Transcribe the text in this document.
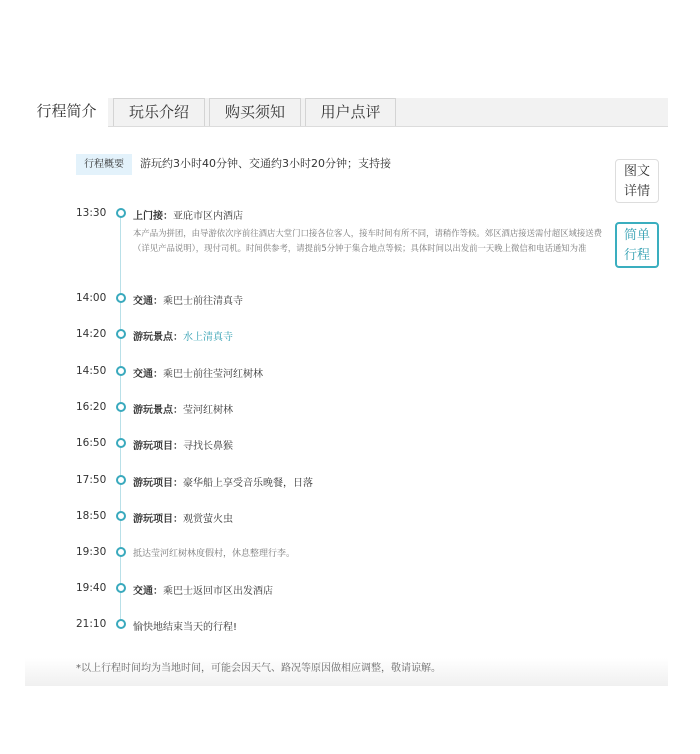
行程简介	玩乐介绍	购买须知	用户点评
行程概要 游玩约3小时40分钟、交通约3小时20分钟；支持接
图文详情
简单行程
13:30	上门接：亚庇市区内酒店
本产品为拼团，由导游依次序前往酒店大堂门口接各位客人，接车时间有所不同，请稍作等候。郊区酒店接送需付超区域接送费（详见产品说明），现付司机。时间供参考，请提前5分钟于集合地点等候；具体时间以出发前一天晚上微信和电话通知为准
14:00	交通：乘巴士前往清真寺
14:20	游玩景点：水上清真寺
14:50	交通：乘巴士前往莹河红树林
16:20	游玩景点：莹河红树林
16:50	游玩项目：寻找长鼻猴
17:50	游玩项目：豪华船上享受音乐晚餐，日落
18:50	游玩项目：观赏萤火虫
19:30	抵达莹河红树林度假村，休息整理行李。
19:40	交通：乘巴士返回市区出发酒店
21:10	愉快地结束当天的行程!
*以上行程时间均为当地时间，可能会因天气、路况等原因做相应调整，敬请谅解。
